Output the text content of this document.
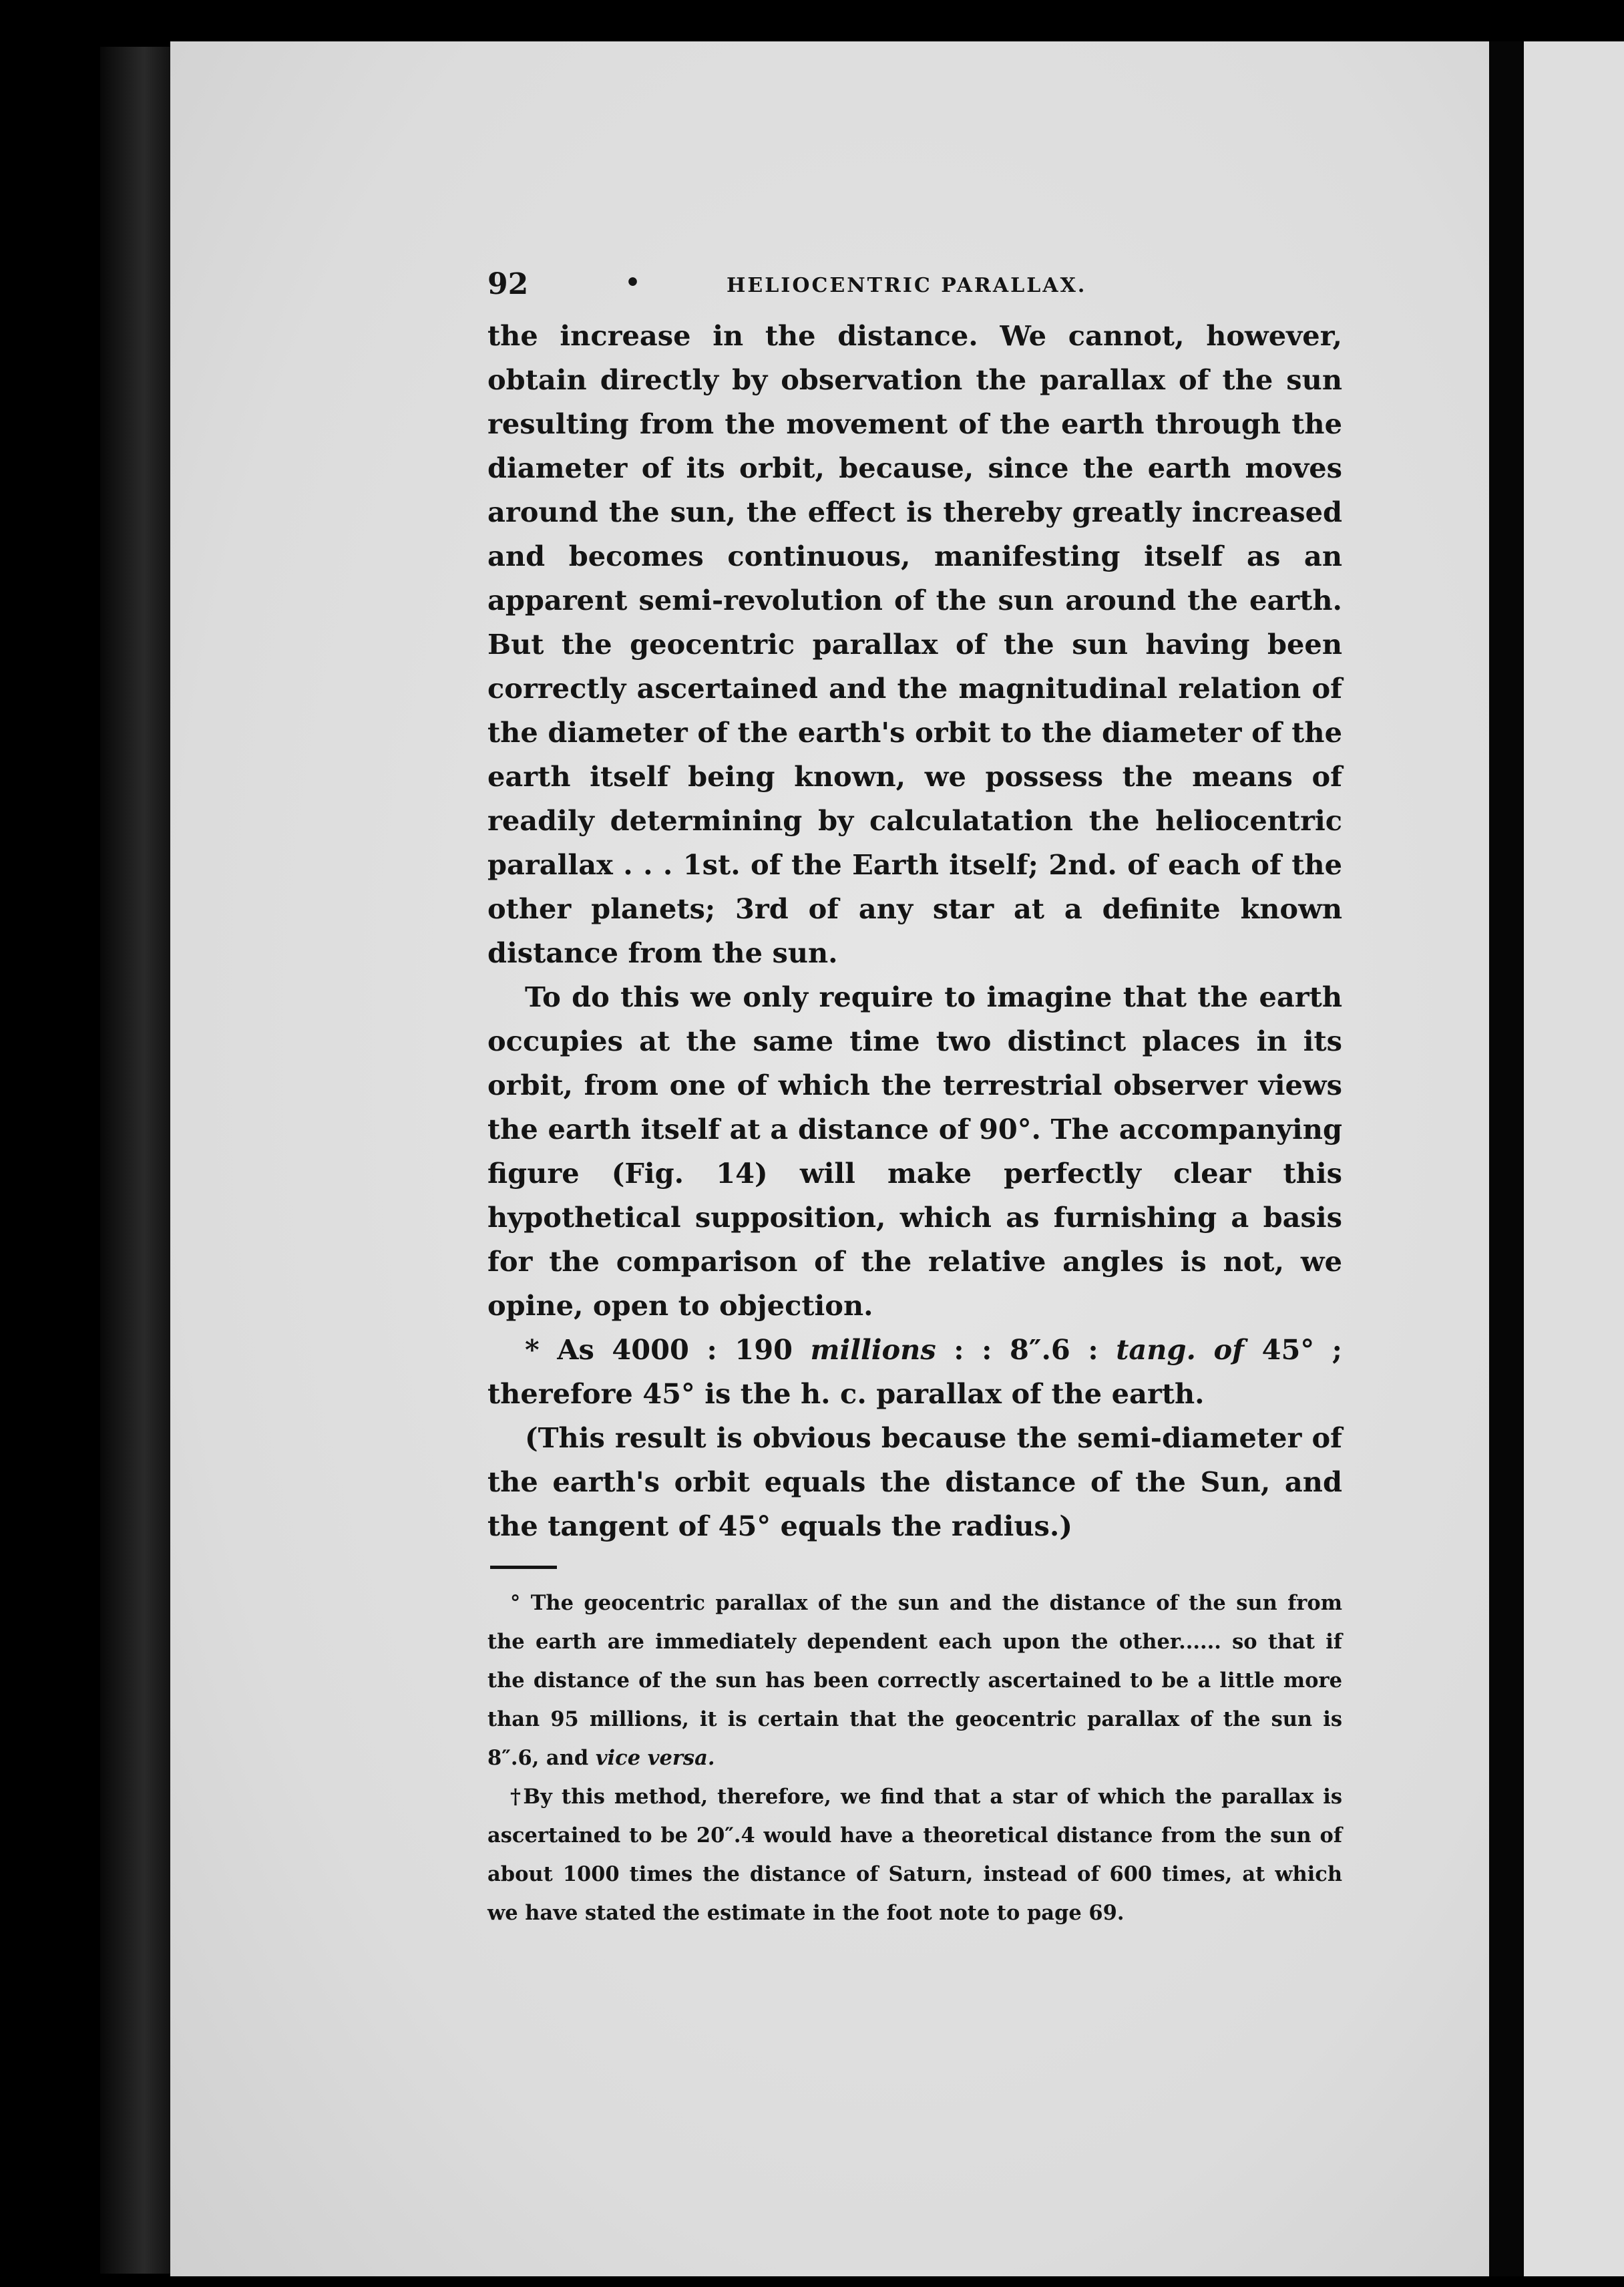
92	•	HELIOCENTRIC PARALLAX.

the increase in the distance. We cannot, however, obtain directly by observation the parallax of the sun resulting from the movement of the earth through the diameter of its orbit, because, since the earth moves around the sun, the effect is thereby greatly increased and becomes continuous, manifesting itself as an apparent semi-revolution of the sun around the earth. But the geocentric parallax of the sun having been correctly ascertained and the magnitudinal relation of the diameter of the earth's orbit to the diameter of the earth itself being known, we possess the means of readily determining by calculatation the heliocentric parallax . . . 1st. of the Earth itself; 2nd. of each of the other planets; 3rd of any star at a definite known distance from the sun.

To do this we only require to imagine that the earth occupies at the same time two distinct places in its orbit, from one of which the terrestrial observer views the earth itself at a distance of 90°. The accompanying figure (Fig. 14) will make perfectly clear this hypothetical supposition, which as furnishing a basis for the comparison of the relative angles is not, we opine, open to objection.

* As 4000 : 190 millions : : 8″.6 : tang. of 45° ; therefore 45° is the h. c. parallax of the earth.

(This result is obvious because the semi-diameter of the earth's orbit equals the distance of the Sun, and the tangent of 45° equals the radius.)

° The geocentric parallax of the sun and the distance of the sun from the earth are immediately dependent each upon the other...... so that if the distance of the sun has been correctly ascertained to be a little more than 95 millions, it is certain that the geocentric parallax of the sun is 8″.6, and vice versa.

†By this method, therefore, we find that a star of which the parallax is ascertained to be 20″.4 would have a theoretical distance from the sun of about 1000 times the distance of Saturn, instead of 600 times, at which we have stated the estimate in the foot note to page 69.
